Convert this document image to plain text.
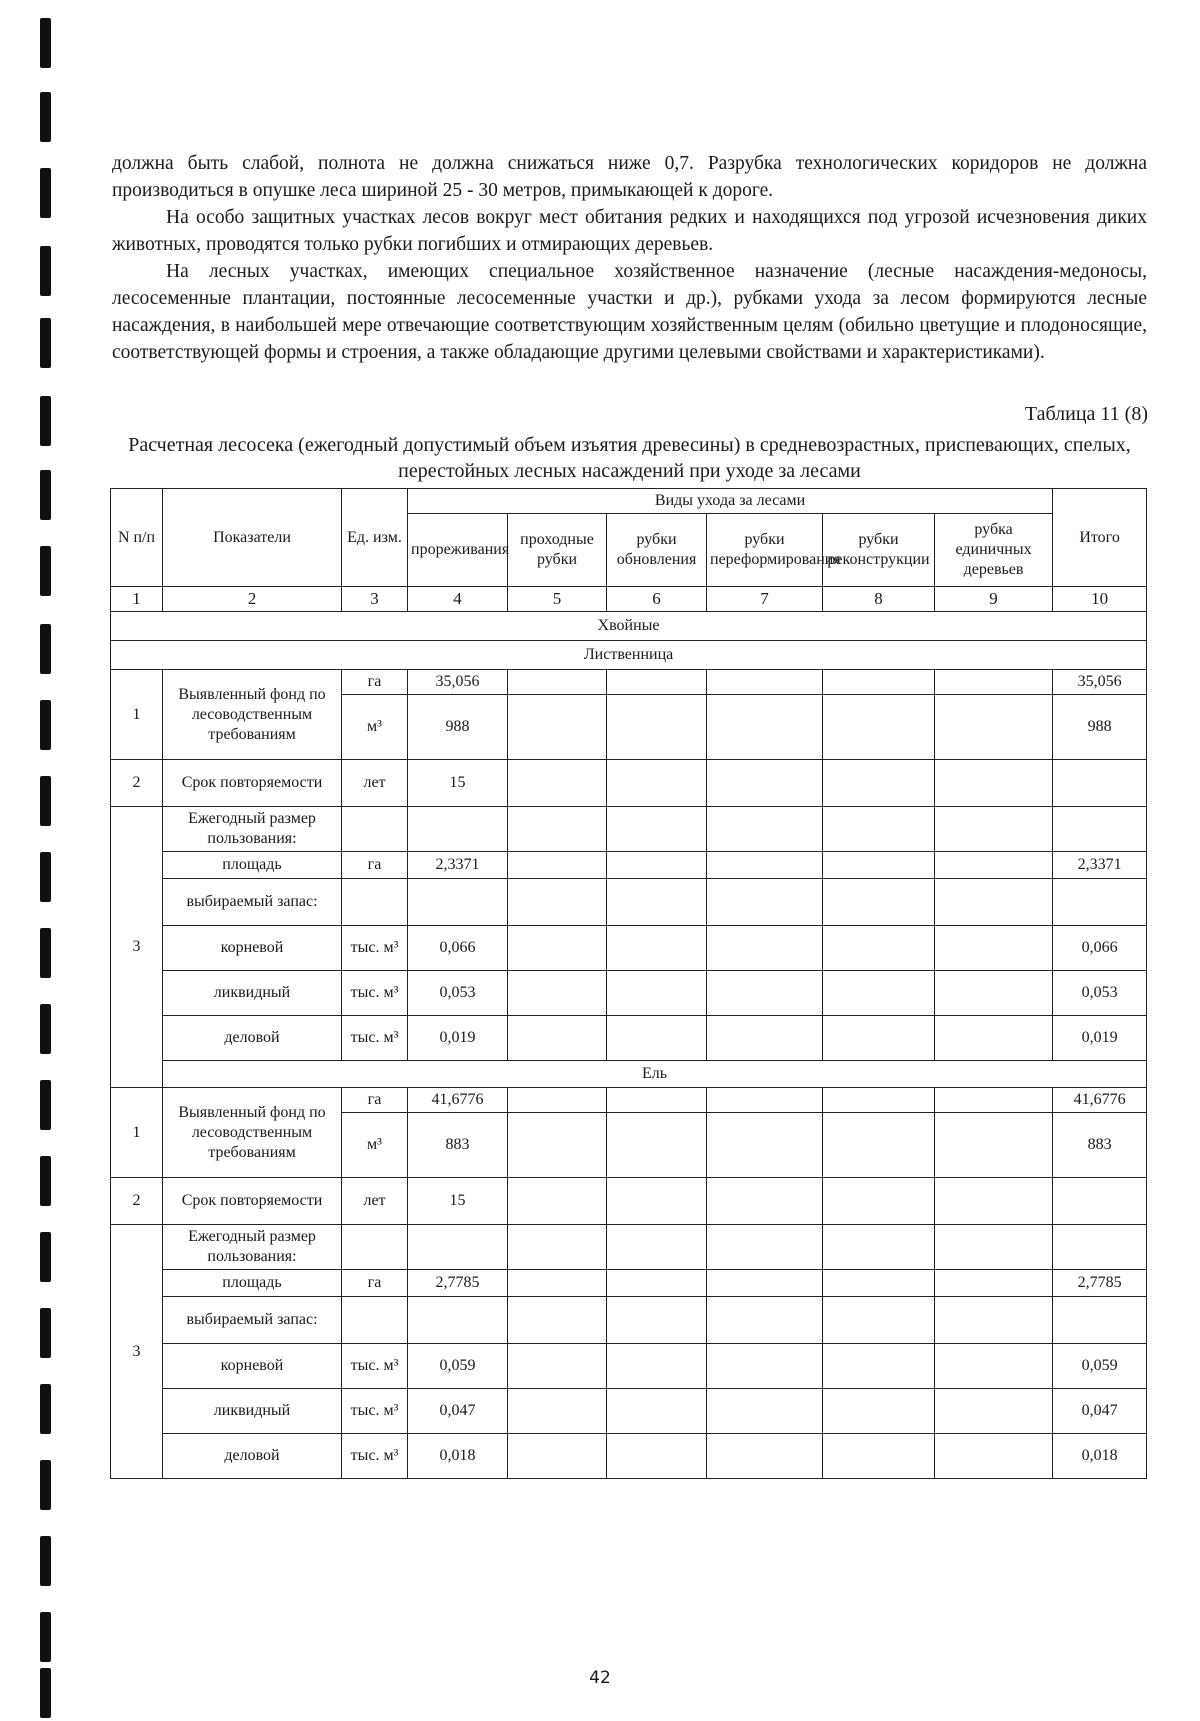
должна быть слабой, полнота не должна снижаться ниже 0,7. Разрубка технологических коридоров не должна производиться в опушке леса шириной 25 - 30 метров, примыкающей к дороге.

На особо защитных участках лесов вокруг мест обитания редких и находящихся под угрозой исчезновения диких животных, проводятся только рубки погибших и отмирающих деревьев.

На лесных участках, имеющих специальное хозяйственное назначение (лесные насаждения-медоносы, лесосеменные плантации, постоянные лесосеменные участки и др.), рубками ухода за лесом формируются лесные насаждения, в наибольшей мере отвечающие соответствующим хозяйственным целям (обильно цветущие и плодоносящие, соответствующей формы и строения, а также обладающие другими целевыми свойствами и характеристиками).

Таблица 11 (8)
Расчетная лесосека (ежегодный допустимый объем изъятия древесины) в средневозрастных, приспевающих, спелых, перестойных лесных насаждений при уходе за лесами
N п/п	Показатели	Ед. изм.	Виды ухода за лесами						Итого
			прореживания	проходные рубки	рубки обновления	рубки переформирования	рубки реконструкции	рубка единичных деревьев	
1	2	3	4	5	6	7	8	9	10
Хвойные									
Лиственница									
1	Выявленный фонд по лесоводственным требованиям	га	35,056						35,056
		м³	988						988
2	Срок повторяемости	лет	15						
3	Ежегодный размер пользования:								
	площадь	га	2,3371						2,3371
	выбираемый запас:								
	корневой	тыс. м³	0,066						0,066
	ликвидный	тыс. м³	0,053						0,053
	деловой	тыс. м³	0,019						0,019
	Ель								
1	Выявленный фонд по лесоводственным требованиям	га	41,6776						41,6776
		м³	883						883
2	Срок повторяемости	лет	15						
3	Ежегодный размер пользования:								
	площадь	га	2,7785						2,7785
	выбираемый запас:								
	корневой	тыс. м³	0,059						0,059
	ликвидный	тыс. м³	0,047						0,047
	деловой	тыс. м³	0,018						0,018
42
